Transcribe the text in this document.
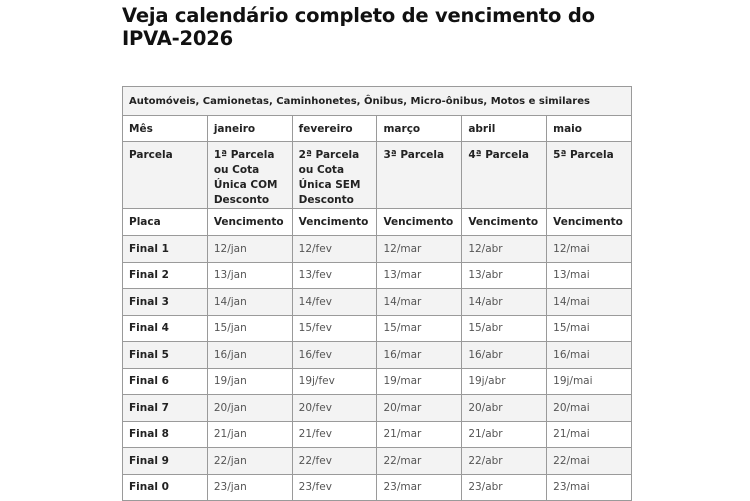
Veja calendário completo de vencimento do IPVA-2026
Automóveis, Camionetas, Caminhonetes, Ônibus, Micro-ônibus, Motos e similares					
Mês	janeiro	fevereiro	março	abril	maio
Parcela	1ª Parcela ou Cota Única COM Desconto	2ª Parcela ou Cota Única SEM Desconto	3ª Parcela	4ª Parcela	5ª Parcela
Placa	Vencimento	Vencimento	Vencimento	Vencimento	Vencimento
Final 1	12/jan	12/fev	12/mar	12/abr	12/mai
Final 2	13/jan	13/fev	13/mar	13/abr	13/mai
Final 3	14/jan	14/fev	14/mar	14/abr	14/mai
Final 4	15/jan	15/fev	15/mar	15/abr	15/mai
Final 5	16/jan	16/fev	16/mar	16/abr	16/mai
Final 6	19/jan	19j/fev	19/mar	19j/abr	19j/mai
Final 7	20/jan	20/fev	20/mar	20/abr	20/mai
Final 8	21/jan	21/fev	21/mar	21/abr	21/mai
Final 9	22/jan	22/fev	22/mar	22/abr	22/mai
Final 0	23/jan	23/fev	23/mar	23/abr	23/mai
